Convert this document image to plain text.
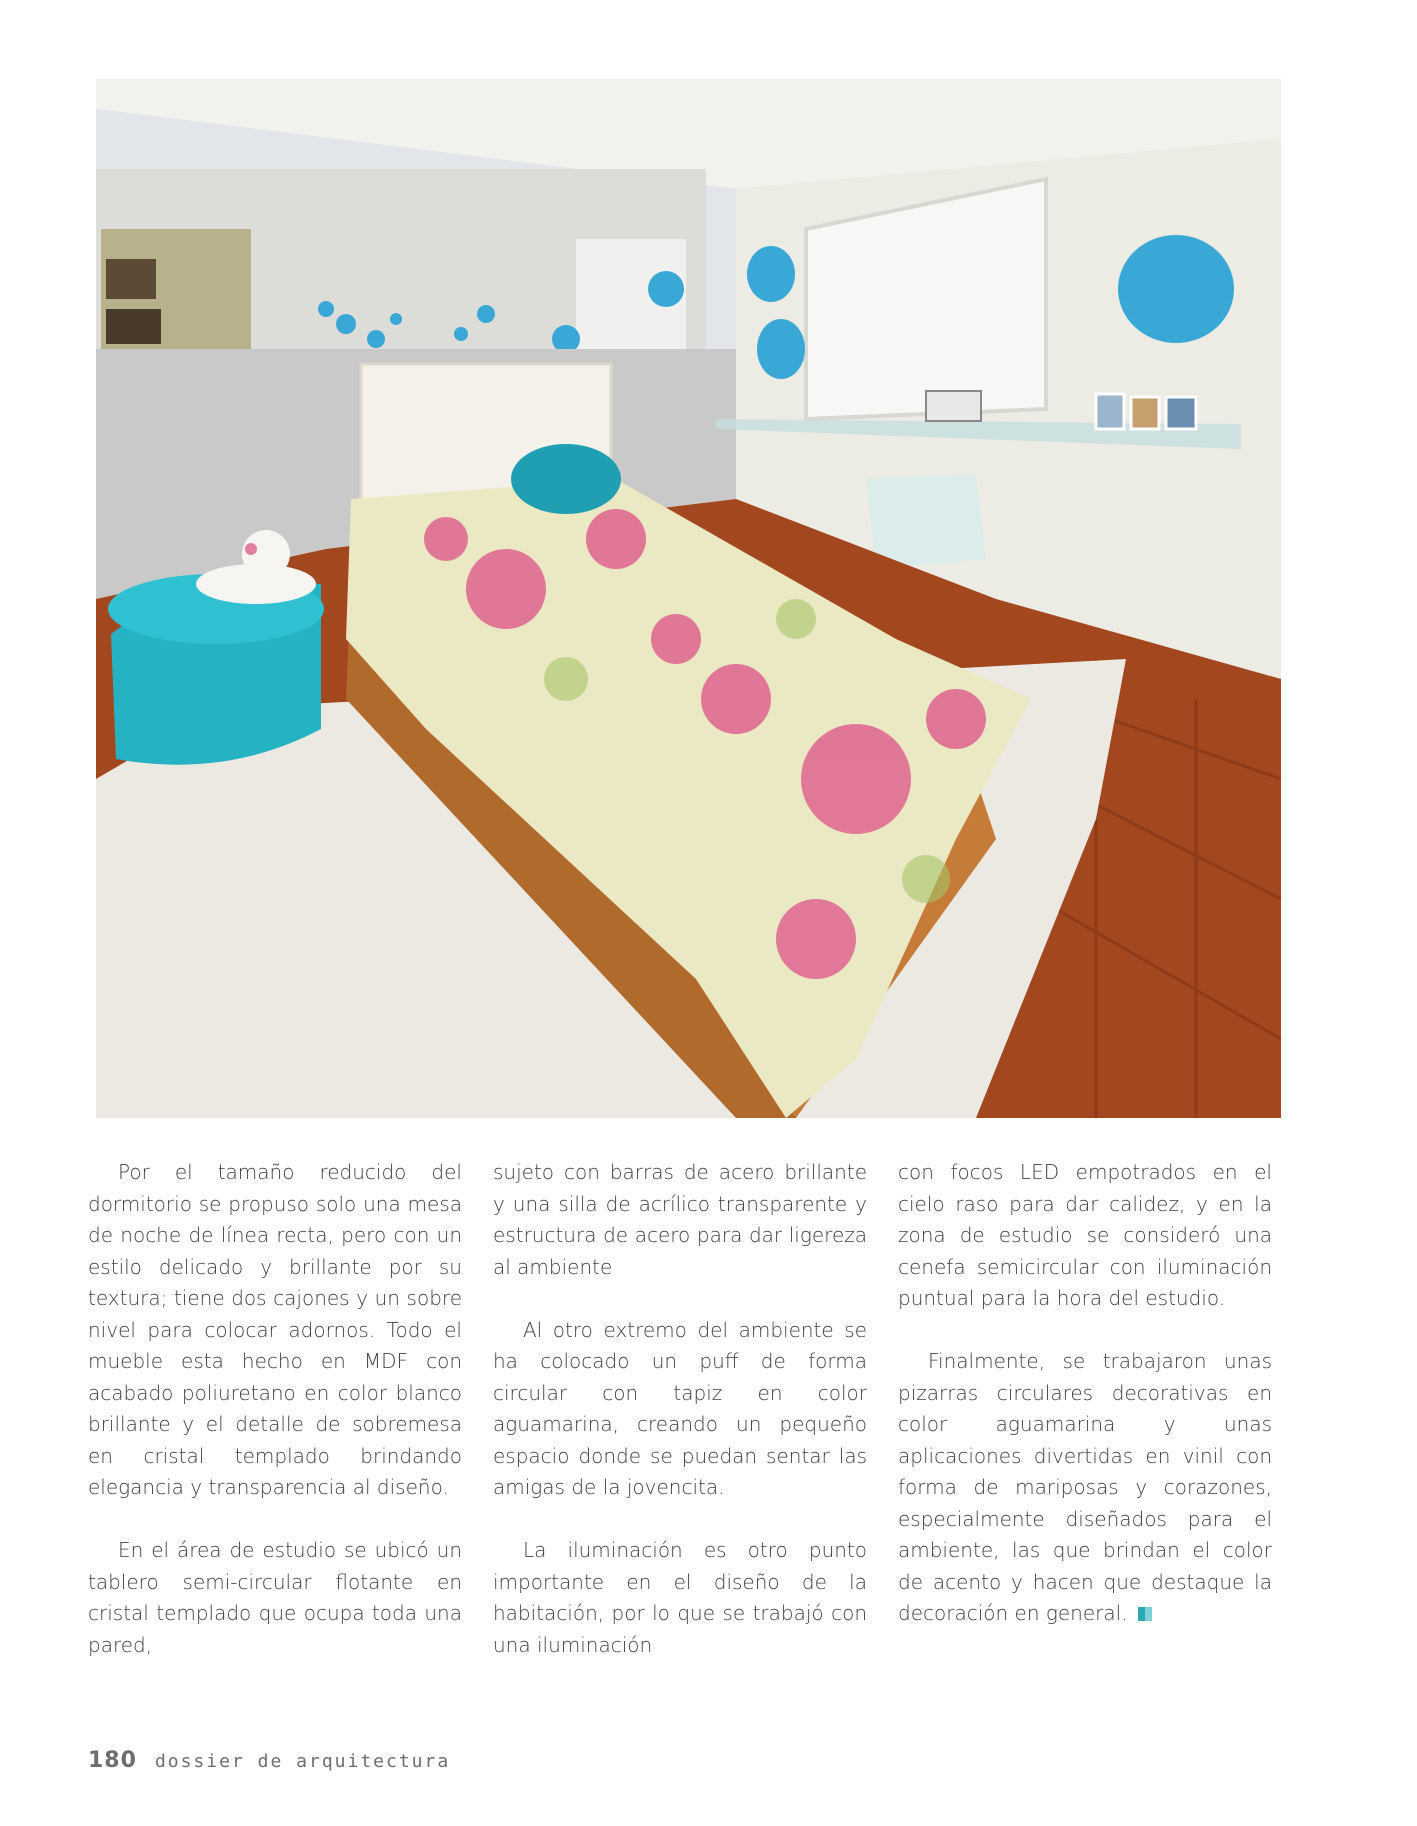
Por el tamaño reducido del dormitorio se propuso solo una mesa de noche de línea recta, pero con un estilo delicado y brillante por su textura; tiene dos cajones y un sobre nivel para colocar adornos. Todo el mueble esta hecho en MDF con acabado poliuretano en color blanco brillante y el detalle de sobremesa en cristal templado brindando elegancia y transparencia al diseño.

En el área de estudio se ubicó un tablero semi-circular flotante en cristal templado que ocupa toda una pared,

sujeto con barras de acero brillante y una silla de acrílico transparente y estructura de acero para dar ligereza al ambiente

Al otro extremo del ambiente se ha colocado un puff de forma circular con tapiz en color aguamarina, creando un pequeño espacio donde se puedan sentar las amigas de la jovencita.

La iluminación es otro punto importante en el diseño de la habitación, por lo que se trabajó con una iluminación

con focos LED empotrados en el cielo raso para dar calidez, y en la zona de estudio se consideró una cenefa semicircular con iluminación puntual para la hora del estudio.

Finalmente, se trabajaron unas pizarras circulares decorativas en color aguamarina y unas aplicaciones divertidas en vinil con forma de mariposas y corazones, especialmente diseñados para el ambiente, las que brindan el color de acento y hacen que destaque la decoración en general.

180 dossier de arquitectura
